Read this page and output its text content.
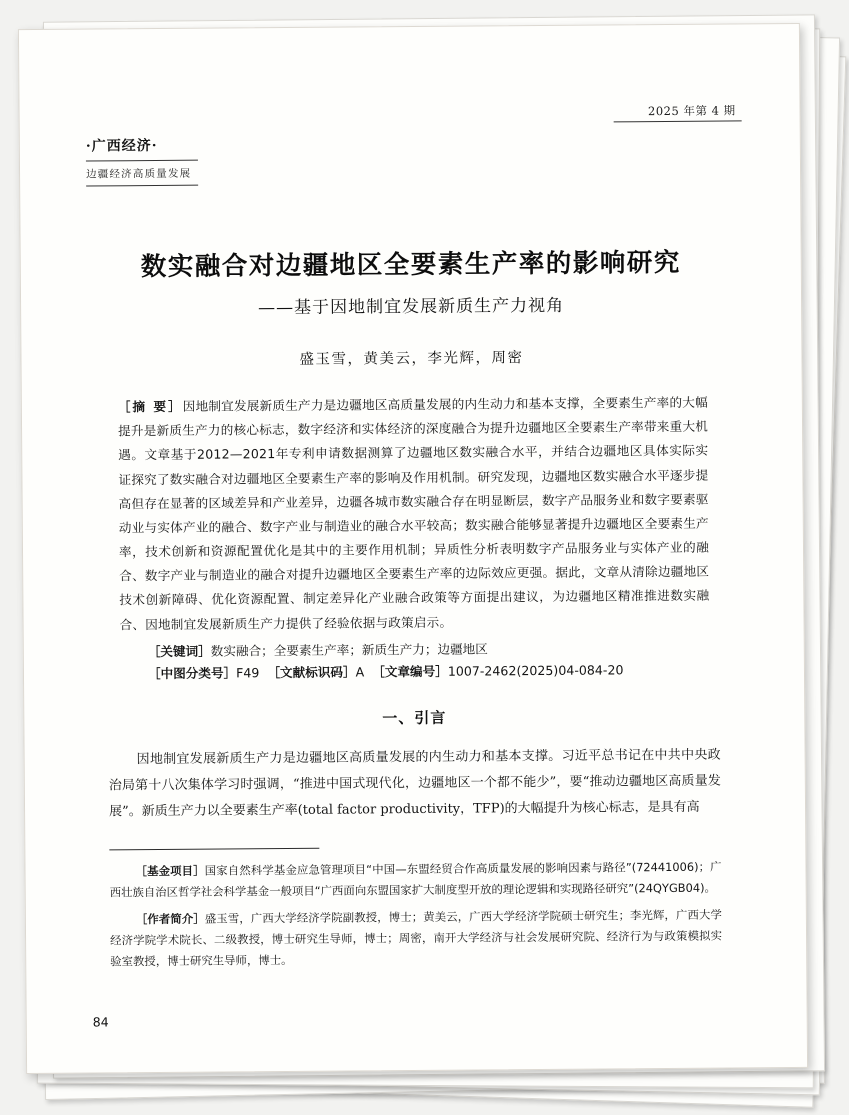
2025 年第 4 期
·广西经济·
边疆经济高质量发展
数实融合对边疆地区全要素生产率的影响研究
——基于因地制宜发展新质生产力视角
盛玉雪，黄美云，李光辉，周密
［摘 要］因地制宜发展新质生产力是边疆地区高质量发展的内生动力和基本支撑，全要素生产率的大幅提升是新质生产力的核心标志，数字经济和实体经济的深度融合为提升边疆地区全要素生产率带来重大机遇。文章基于2012—2021年专利申请数据测算了边疆地区数实融合水平，并结合边疆地区具体实际实证探究了数实融合对边疆地区全要素生产率的影响及作用机制。研究发现，边疆地区数实融合水平逐步提高但存在显著的区域差异和产业差异，边疆各城市数实融合存在明显断层，数字产品服务业和数字要素驱动业与实体产业的融合、数字产业与制造业的融合水平较高；数实融合能够显著提升边疆地区全要素生产率，技术创新和资源配置优化是其中的主要作用机制；异质性分析表明数字产品服务业与实体产业的融合、数字产业与制造业的融合对提升边疆地区全要素生产率的边际效应更强。据此，文章从清除边疆地区技术创新障碍、优化资源配置、制定差异化产业融合政策等方面提出建议，为边疆地区精准推进数实融合、因地制宜发展新质生产力提供了经验依据与政策启示。
［关键词］数实融合；全要素生产率；新质生产力；边疆地区
［中图分类号］F49 ［文献标识码］A ［文章编号］1007-2462(2025)04-084-20
一、引言
因地制宜发展新质生产力是边疆地区高质量发展的内生动力和基本支撑。习近平总书记在中共中央政治局第十八次集体学习时强调，“推进中国式现代化，边疆地区一个都不能少”，要“推动边疆地区高质量发展”。新质生产力以全要素生产率(total factor productivity，TFP)的大幅提升为核心标志，是具有高

［基金项目］国家自然科学基金应急管理项目“中国—东盟经贸合作高质量发展的影响因素与路径”(72441006)；广西壮族自治区哲学社会科学基金一般项目“广西面向东盟国家扩大制度型开放的理论逻辑和实现路径研究”(24QYGB04)。

［作者简介］盛玉雪，广西大学经济学院副教授，博士；黄美云，广西大学经济学院硕士研究生；李光辉，广西大学经济学院学术院长、二级教授，博士研究生导师，博士；周密，南开大学经济与社会发展研究院、经济行为与政策模拟实验室教授，博士研究生导师，博士。

84
